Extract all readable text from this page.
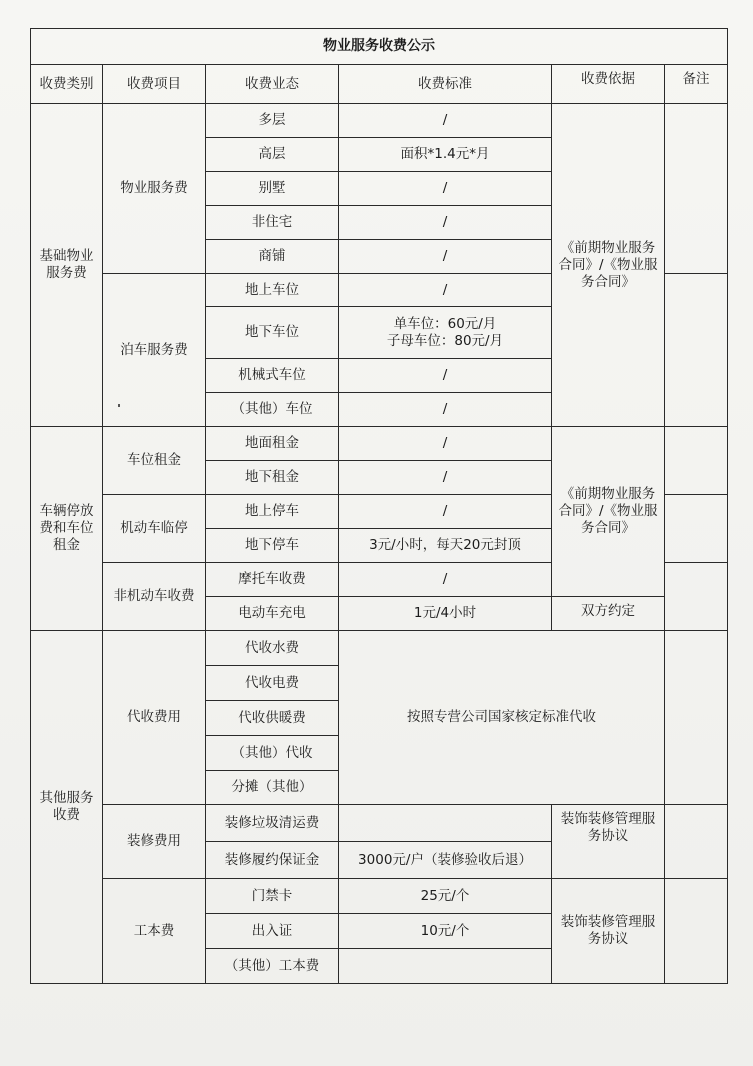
物业服务收费公示					
收费类别	收费项目	收费业态	收费标准	收费依据	备注
基础物业服务费	物业服务费	多层	/	《前期物业服务合同》/《物业服务合同》	
		高层	面积*1.4元*月		
		别墅	/		
		非住宅	/		
		商铺	/		
	泊车服务费	地上车位	/		
		地下车位	单车位：60元/月
子母车位：80元/月		

		机械式车位	/		
		（其他）车位	/		
车辆停放费和车位租金	车位租金	地面租金	/	《前期物业服务合同》/《物业服务合同》	
		地下租金	/		
	机动车临停	地上停车	/		
		地下停车	3元/小时，每天20元封顶		
	非机动车收费	摩托车收费	/		
		电动车充电	1元/4小时	双方约定	
其他服务收费	代收费用	代收水费	按照专营公司国家核定标准代收		
		代收电费			
		代收供暖费			
		（其他）代收			
		分摊（其他）			
	装修费用	装修垃圾清运费		装饰装修管理服务协议	
		装修履约保证金	3000元/户（装修验收后退）		
	工本费	门禁卡	25元/个	装饰装修管理服务协议	
		出入证	10元/个		
		（其他）工本费			
